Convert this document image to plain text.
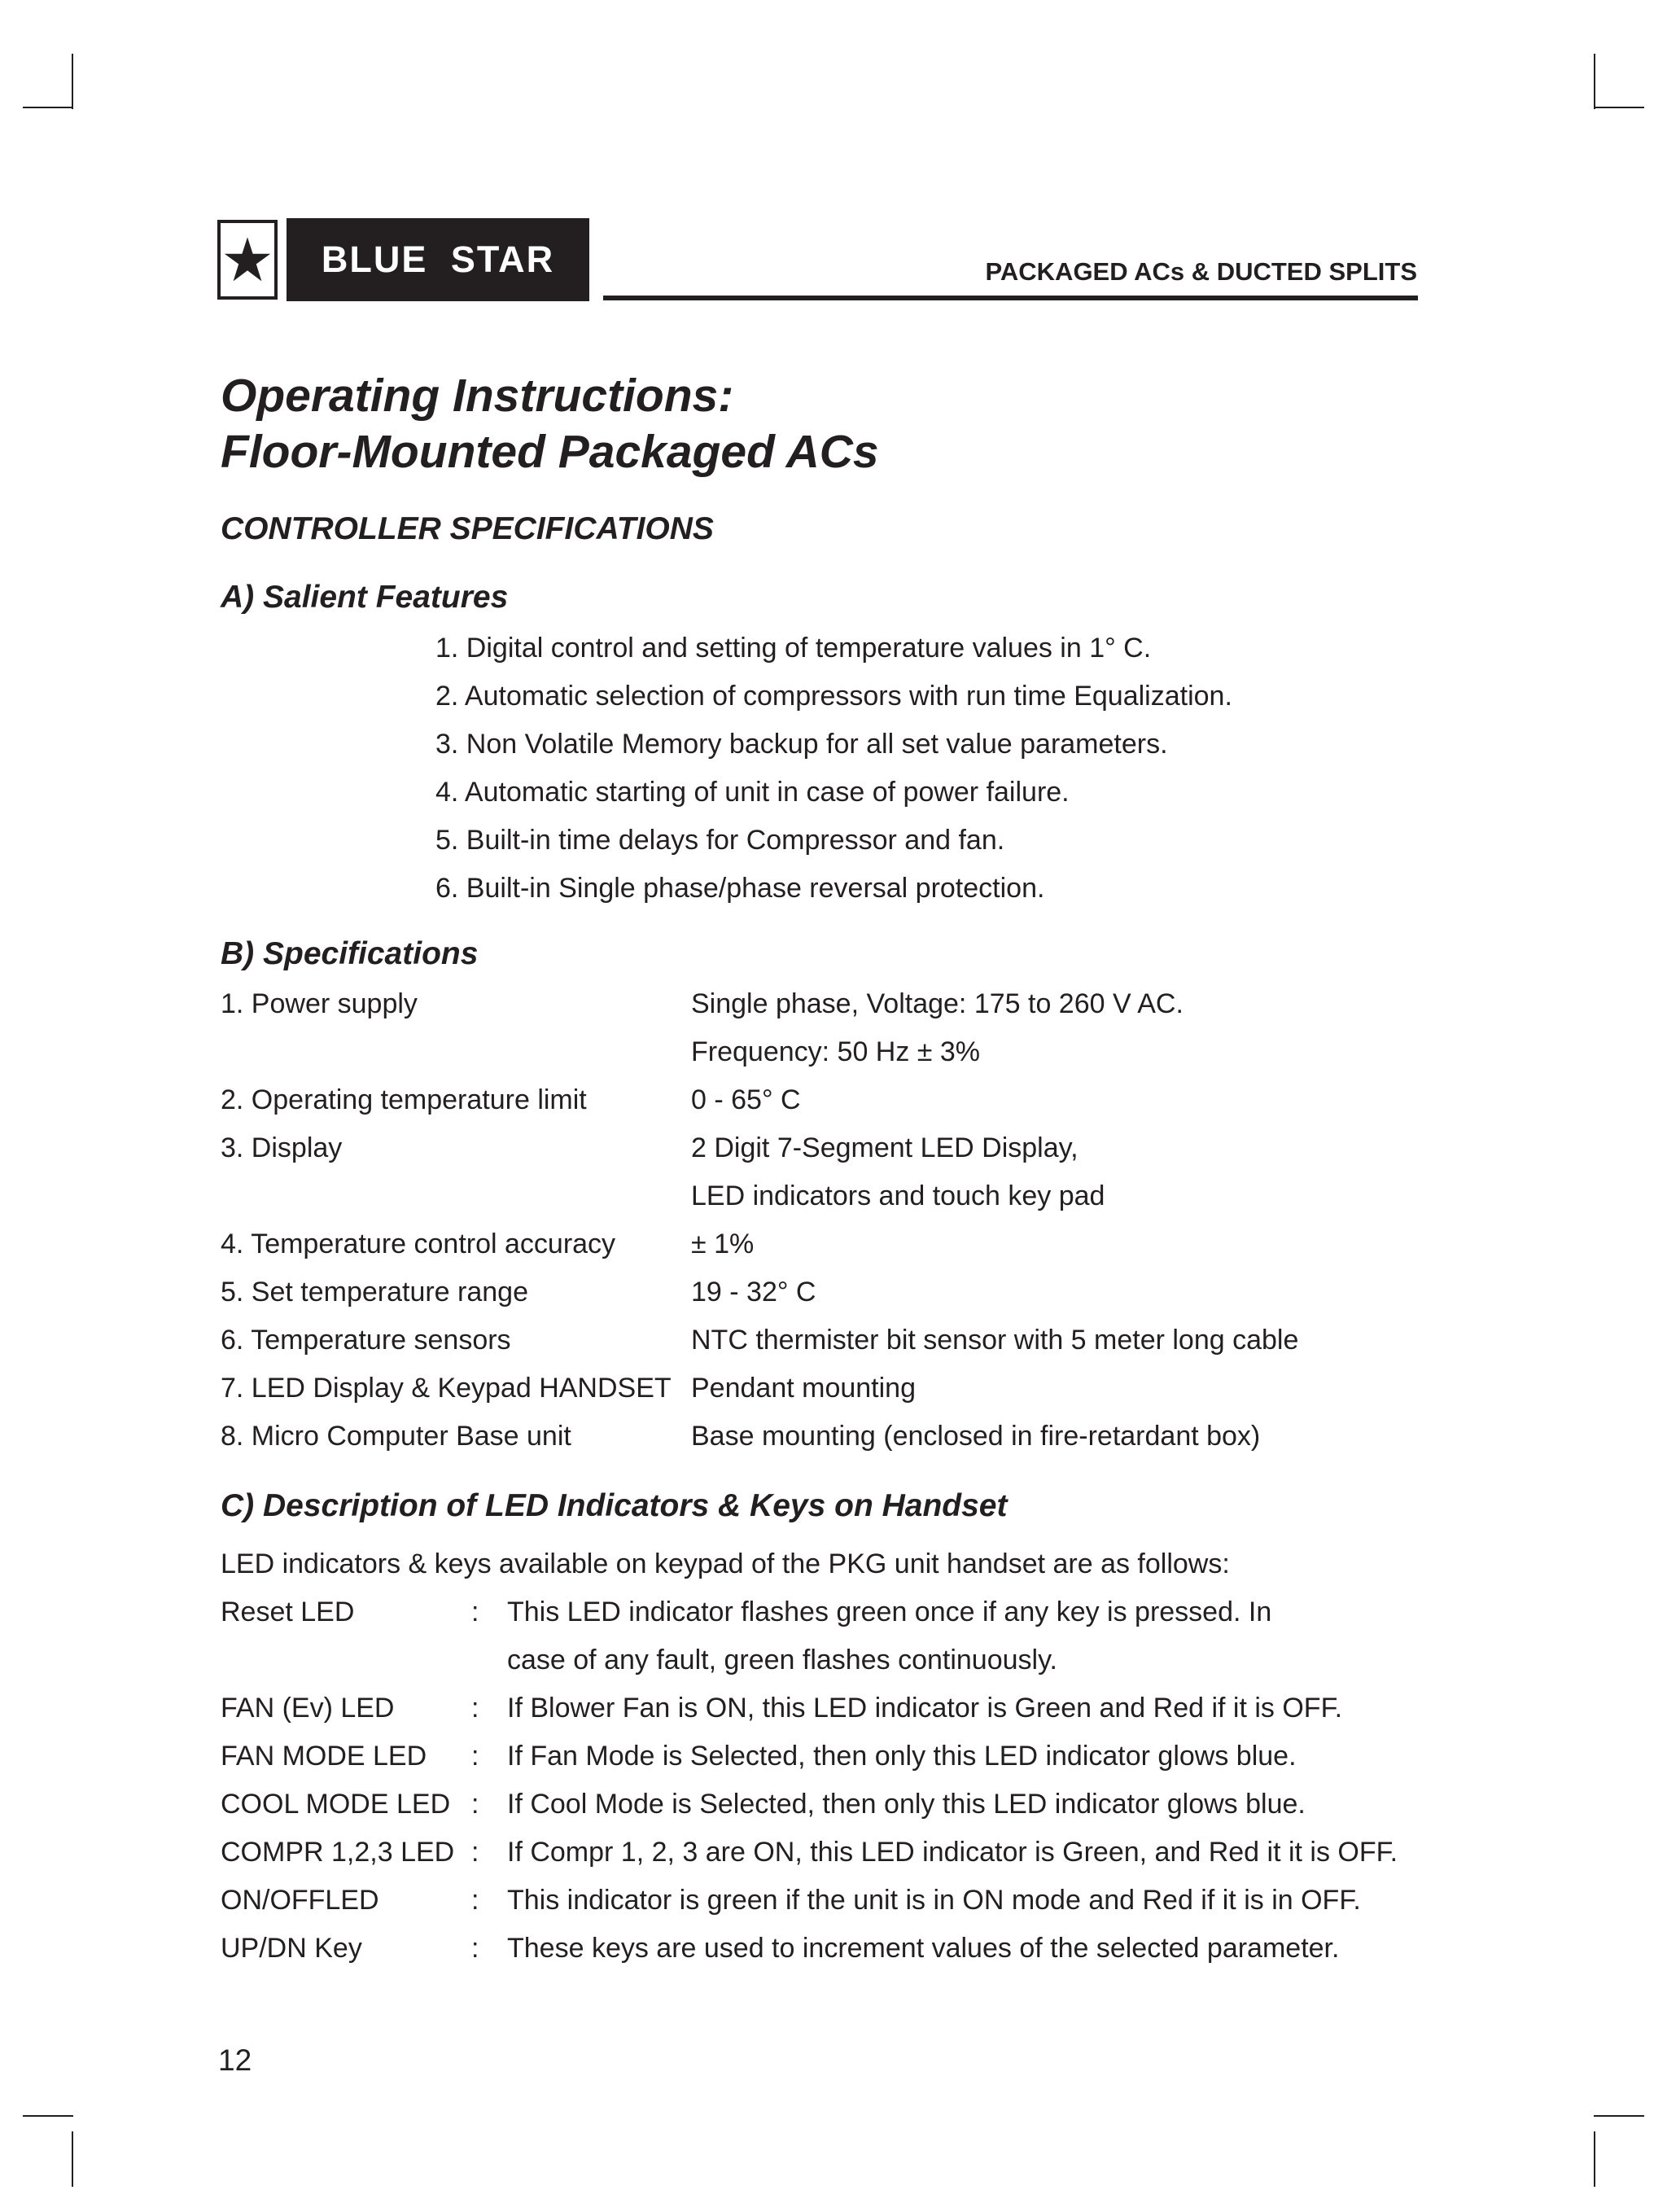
BLUE STAR	PACKAGED ACs & DUCTED SPLITS
Operating Instructions:
Floor-Mounted Packaged ACs
CONTROLLER SPECIFICATIONS
A) Salient Features
1. Digital control and setting of temperature values in 1° C.
2. Automatic selection of compressors with run time Equalization.
3. Non Volatile Memory backup for all set value parameters.
4. Automatic starting of unit in case of power failure.
5. Built-in time delays for Compressor and fan.
6. Built-in Single phase/phase reversal protection.
B) Specifications
1. Power supply	Single phase, Voltage: 175 to 260 V AC.
	Frequency: 50 Hz ± 3%
2. Operating temperature limit	0 - 65° C
3. Display	2 Digit 7-Segment LED Display,
	LED indicators and touch key pad
4. Temperature control accuracy	± 1%
5. Set temperature range	19 - 32° C
6. Temperature sensors	NTC thermister bit sensor with 5 meter long cable
7. LED Display & Keypad HANDSET	Pendant mounting
8. Micro Computer Base unit	Base mounting (enclosed in fire-retardant box)
C) Description of LED Indicators & Keys on Handset
LED indicators & keys available on keypad of the PKG unit handset are as follows:
Reset LED	:	This LED indicator flashes green once if any key is pressed. In
		case of any fault, green flashes continuously.
FAN (Ev) LED	:	If Blower Fan is ON, this LED indicator is Green and Red if it is OFF.
FAN MODE LED	:	If Fan Mode is Selected, then only this LED indicator glows blue.
COOL MODE LED	:	If Cool Mode is Selected, then only this LED indicator glows blue.
COMPR 1,2,3 LED	:	If Compr 1, 2, 3 are ON, this LED indicator is Green, and Red it it is OFF.
ON/OFFLED	:	This indicator is green if the unit is in ON mode and Red if it is in OFF.
UP/DN Key	:	These keys are used to increment values of the selected parameter.
12
